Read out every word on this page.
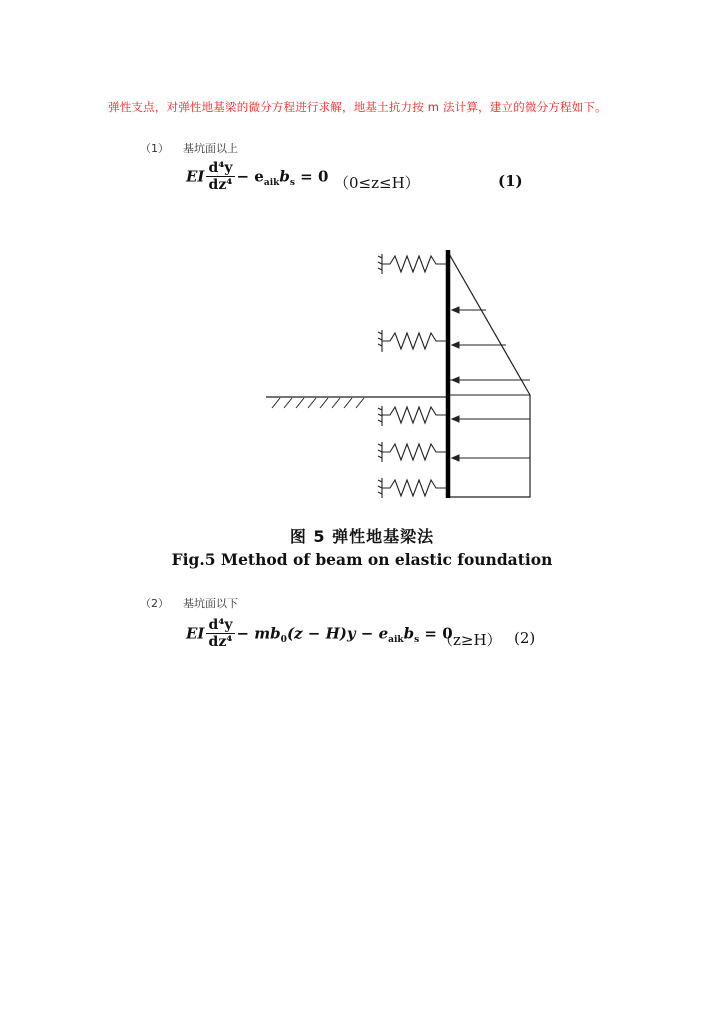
弹性支点，对弹性地基梁的微分方程进行求解，地基土抗力按 m 法计算，建立的微分方程如下。
（1）    基坑面以上
EI $\frac{\text{d⁴y}}{\text{dz⁴}} - e_{aik}b_s = 0$ （0≤z≤H）	(1)
图 5 弹性地基梁法
Fig.5 Method of beam on elastic foundation
（2）    基坑面以下
EI $\frac{\text{d⁴y}}{\text{dz⁴}} - mb_0(z - H)y - e_{aik}b_s = 0$
（z≥H） (2)
